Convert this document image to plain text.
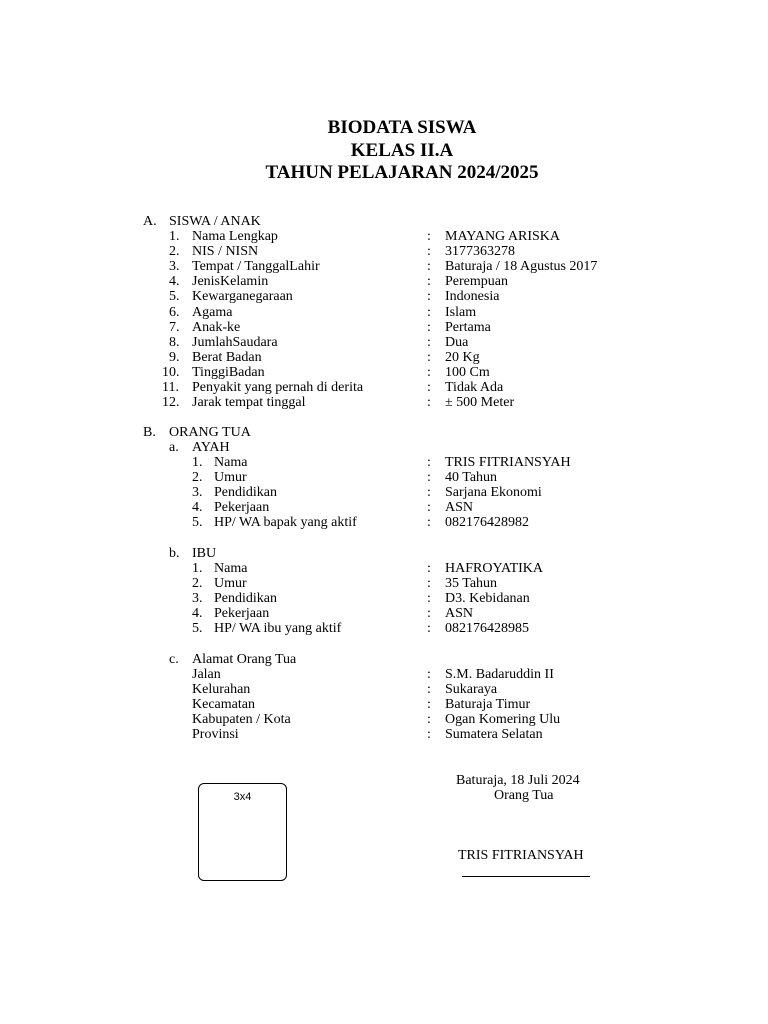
BIODATA SISWA
KELAS II.A
TAHUN PELAJARAN 2024/2025
A. SISWA / ANAK
1. Nama Lengkap	: MAYANG ARISKA
2. NIS / NISN	: 3177363278
3. Tempat / TanggalLahir	: Baturaja / 18 Agustus 2017
4. JenisKelamin	: Perempuan
5. Kewarganegaraan	: Indonesia
6. Agama	: Islam
7. Anak-ke	: Pertama
8. JumlahSaudara	: Dua
9. Berat Badan	: 20 Kg
10. TinggiBadan	: 100 Cm
11. Penyakit yang pernah di derita	: Tidak Ada
12. Jarak tempat tinggal	: ± 500 Meter
B. ORANG TUA
a. AYAH
1. Nama	: TRIS FITRIANSYAH
2. Umur	: 40 Tahun
3. Pendidikan	: Sarjana Ekonomi
4. Pekerjaan	: ASN
5. HP/ WA bapak yang aktif	: 082176428982
b. IBU
1. Nama	: HAFROYATIKA
2. Umur	: 35 Tahun
3. Pendidikan	: D3. Kebidanan
4. Pekerjaan	: ASN
5. HP/ WA ibu yang aktif	: 082176428985
c. Alamat Orang Tua
Jalan	: S.M. Badaruddin II
Kelurahan	: Sukaraya
Kecamatan	: Baturaja Timur
Kabupaten / Kota	: Ogan Komering Ulu
Provinsi	: Sumatera Selatan
3x4
Baturaja, 18 Juli 2024
Orang Tua
TRIS FITRIANSYAH
